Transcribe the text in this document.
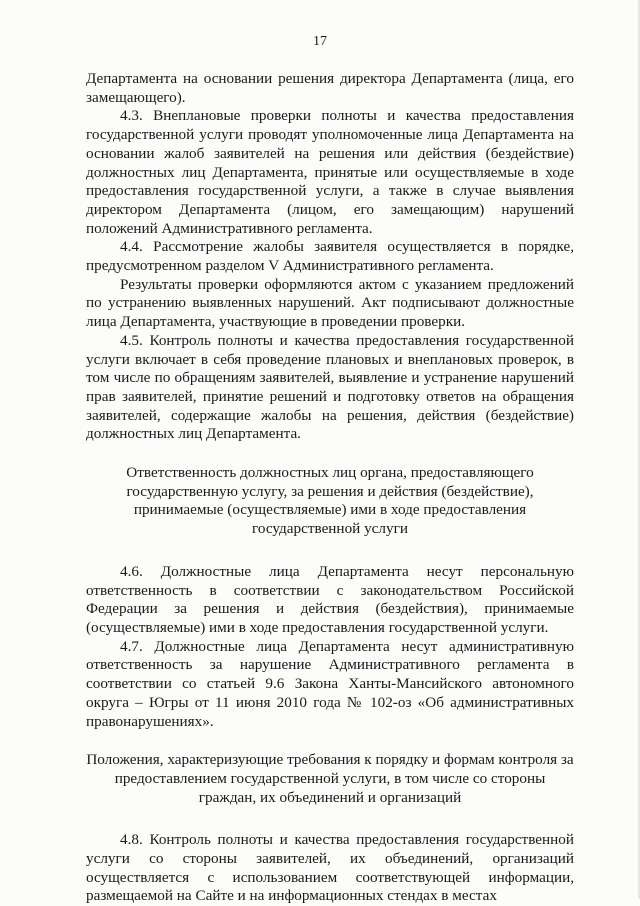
17

Департамента на основании решения директора Департамента (лица, его замещающего).

4.3. Внеплановые проверки полноты и качества предоставления государственной услуги проводят уполномоченные лица Департамента на основании жалоб заявителей на решения или действия (бездействие) должностных лиц Департамента, принятые или осуществляемые в ходе предоставления государственной услуги, а также в случае выявления директором Департамента (лицом, его замещающим) нарушений положений Административного регламента.

4.4. Рассмотрение жалобы заявителя осуществляется в порядке, предусмотренном разделом V Административного регламента.

Результаты проверки оформляются актом с указанием предложений по устранению выявленных нарушений. Акт подписывают должностные лица Департамента, участвующие в проведении проверки.

4.5. Контроль полноты и качества предоставления государственной услуги включает в себя проведение плановых и внеплановых проверок, в том числе по обращениям заявителей, выявление и устранение нарушений прав заявителей, принятие решений и подготовку ответов на обращения заявителей, содержащие жалобы на решения, действия (бездействие) должностных лиц Департамента.

Ответственность должностных лиц органа, предоставляющего государственную услугу, за решения и действия (бездействие), принимаемые (осуществляемые) ими в ходе предоставления государственной услуги

4.6. Должностные лица Департамента несут персональную ответственность в соответствии с законодательством Российской Федерации за решения и действия (бездействия), принимаемые (осуществляемые) ими в ходе предоставления государственной услуги.

4.7. Должностные лица Департамента несут административную ответственность за нарушение Административного регламента в соответствии со статьей 9.6 Закона Ханты-Мансийского автономного округа – Югры от 11 июня 2010 года № 102-оз «Об административных правонарушениях».

Положения, характеризующие требования к порядку и формам контроля за предоставлением государственной услуги, в том числе со стороны граждан, их объединений и организаций

4.8. Контроль полноты и качества предоставления государственной услуги со стороны заявителей, их объединений, организаций осуществляется с использованием соответствующей информации, размещаемой на Сайте и на информационных стендах в местах
